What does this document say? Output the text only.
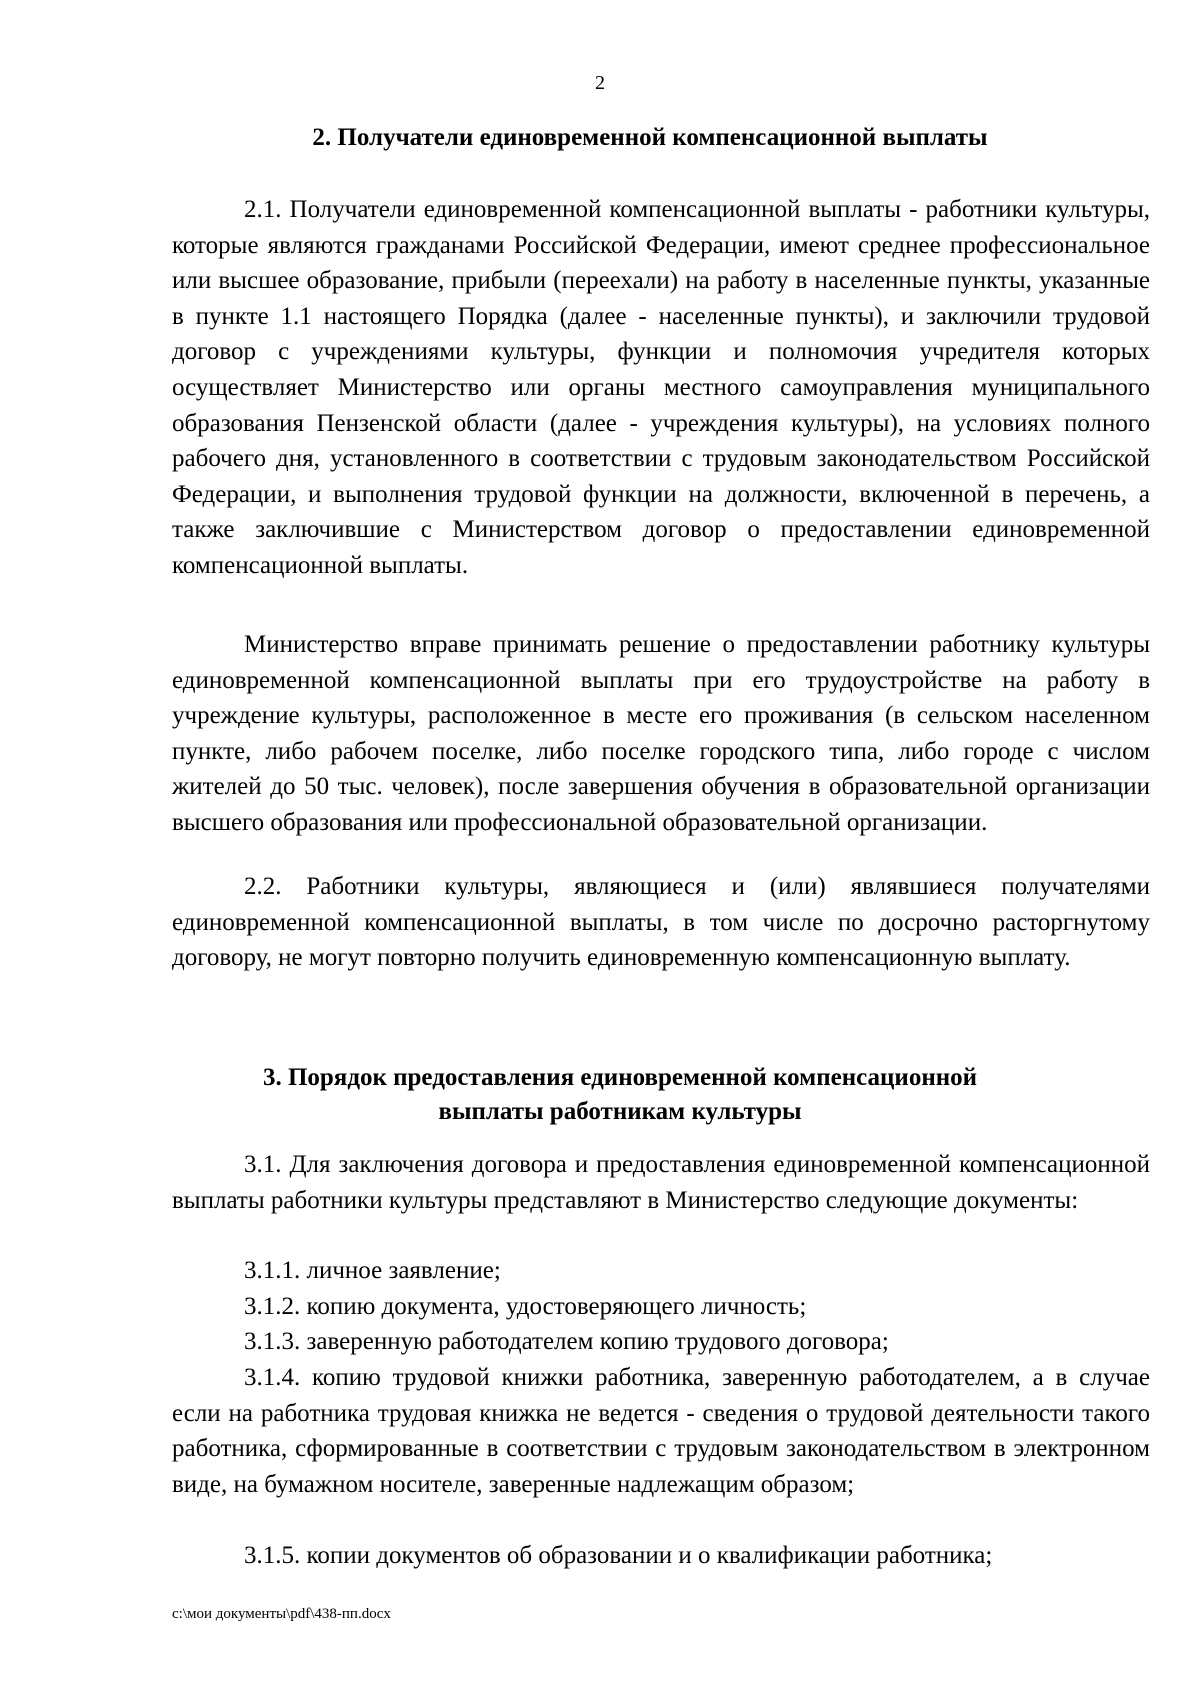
2
2. Получатели единовременной компенсационной выплаты

2.1. Получатели единовременной компенсационной выплаты - работники культуры, которые являются гражданами Российской Федерации, имеют среднее профессиональное или высшее образование, прибыли (переехали) на работу в населенные пункты, указанные в пункте 1.1 настоящего Порядка (далее - населенные пункты), и заключили трудовой договор с учреждениями культуры, функции и полномочия учредителя которых осуществляет Министерство или органы местного самоуправления муниципального образования Пензенской области (далее - учреждения культуры), на условиях полного рабочего дня, установленного в соответствии с трудовым законодательством Российской Федерации, и выполнения трудовой функции на должности, включенной в перечень, а также заключившие с Министерством договор о предоставлении единовременной компенсационной выплаты.

Министерство вправе принимать решение о предоставлении работнику культуры единовременной компенсационной выплаты при его трудоустройстве на работу в учреждение культуры, расположенное в месте его проживания (в сельском населенном пункте, либо рабочем поселке, либо поселке городского типа, либо городе с числом жителей до 50 тыс. человек), после завершения обучения в образовательной организации высшего образования или профессиональной образовательной организации.

2.2. Работники культуры, являющиеся и (или) являвшиеся получателями единовременной компенсационной выплаты, в том числе по досрочно расторгнутому договору, не могут повторно получить единовременную компенсационную выплату.

3. Порядок предоставления единовременной компенсационной
выплаты работникам культуры

3.1. Для заключения договора и предоставления единовременной компенсационной выплаты работники культуры представляют в Министерство следующие документы:

3.1.1. личное заявление;

3.1.2. копию документа, удостоверяющего личность;

3.1.3. заверенную работодателем копию трудового договора;

3.1.4. копию трудовой книжки работника, заверенную работодателем, а в случае если на работника трудовая книжка не ведется - сведения о трудовой деятельности такого работника, сформированные в соответствии с трудовым законодательством в электронном виде, на бумажном носителе, заверенные надлежащим образом;

3.1.5. копии документов об образовании и о квалификации работника;

c:\мои документы\pdf\438-пп.docx
